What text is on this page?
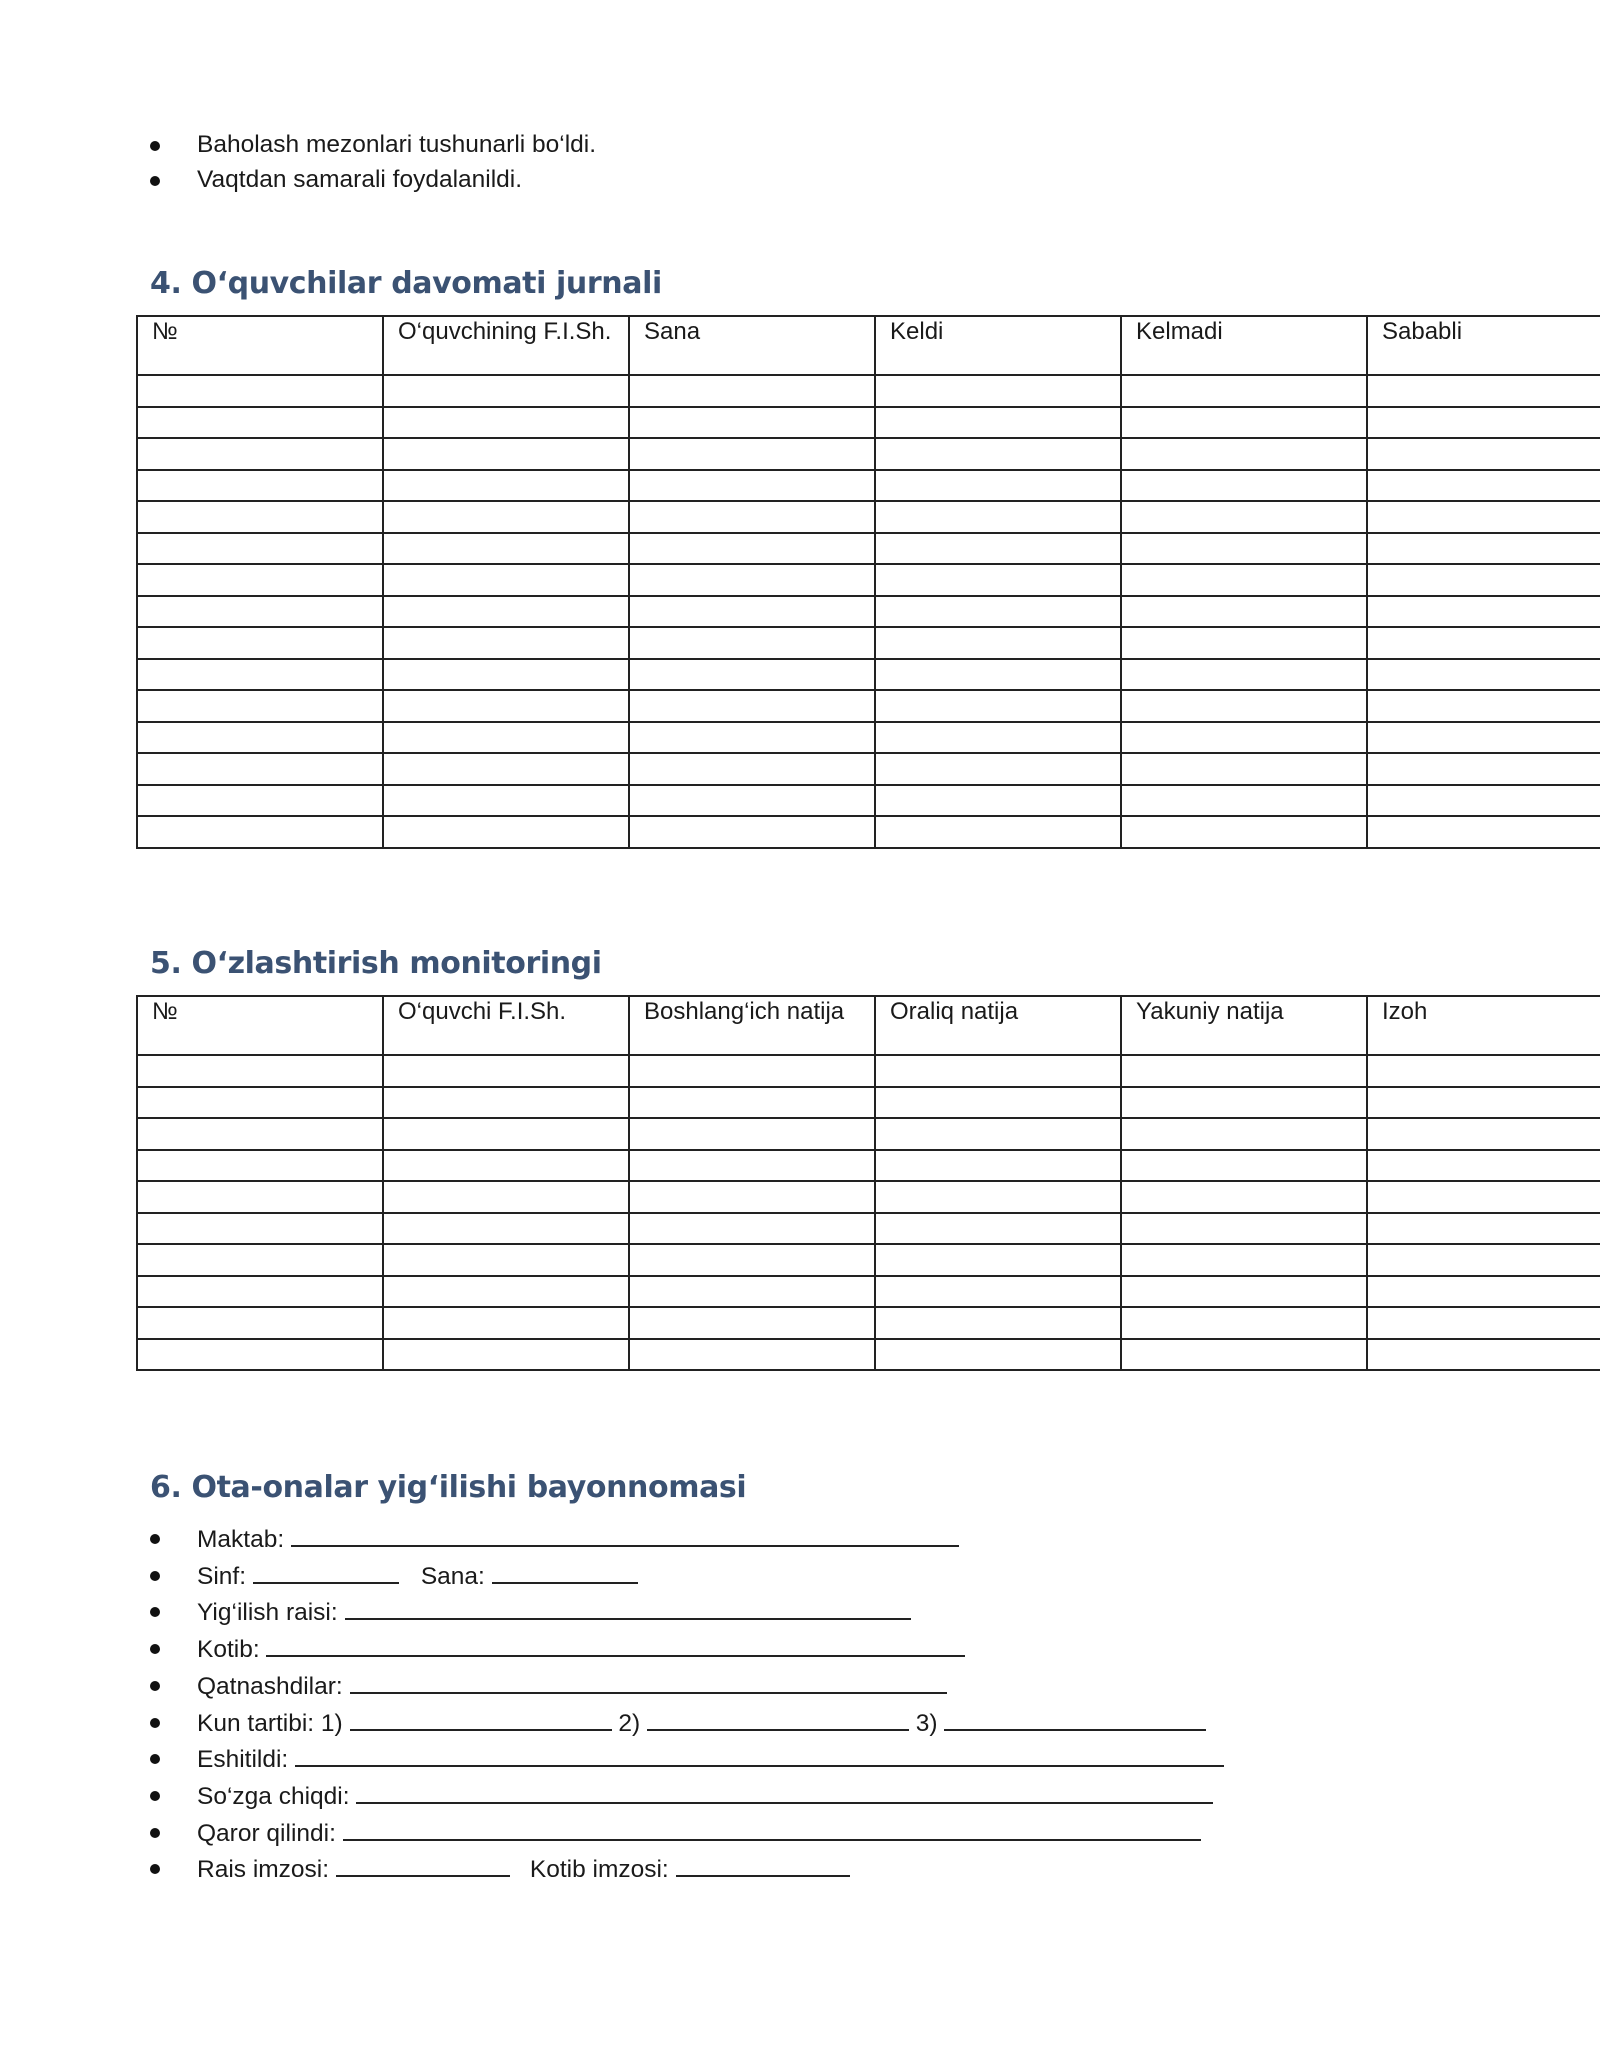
Baholash mezonlari tushunarli bo‘ldi.
Vaqtdan samarali foydalanildi.
4. O‘quvchilar davomati jurnali
№	O‘quvchining F.I.Sh.	Sana	Keldi	Kelmadi	Sababli

5. O‘zlashtirish monitoringi
№	O‘quvchi F.I.Sh.	Boshlang‘ich natija	Oraliq natija	Yakuniy natija	Izoh

6. Ota-onalar yig‘ilishi bayonnomasi
Maktab:
Sinf:	Sana:
Yig‘ilish raisi:
Kotib:
Qatnashdilar:
Kun tartibi: 1)	2)	3)
Eshitildi:
So‘zga chiqdi:
Qaror qilindi:
Rais imzosi:	Kotib imzosi:
